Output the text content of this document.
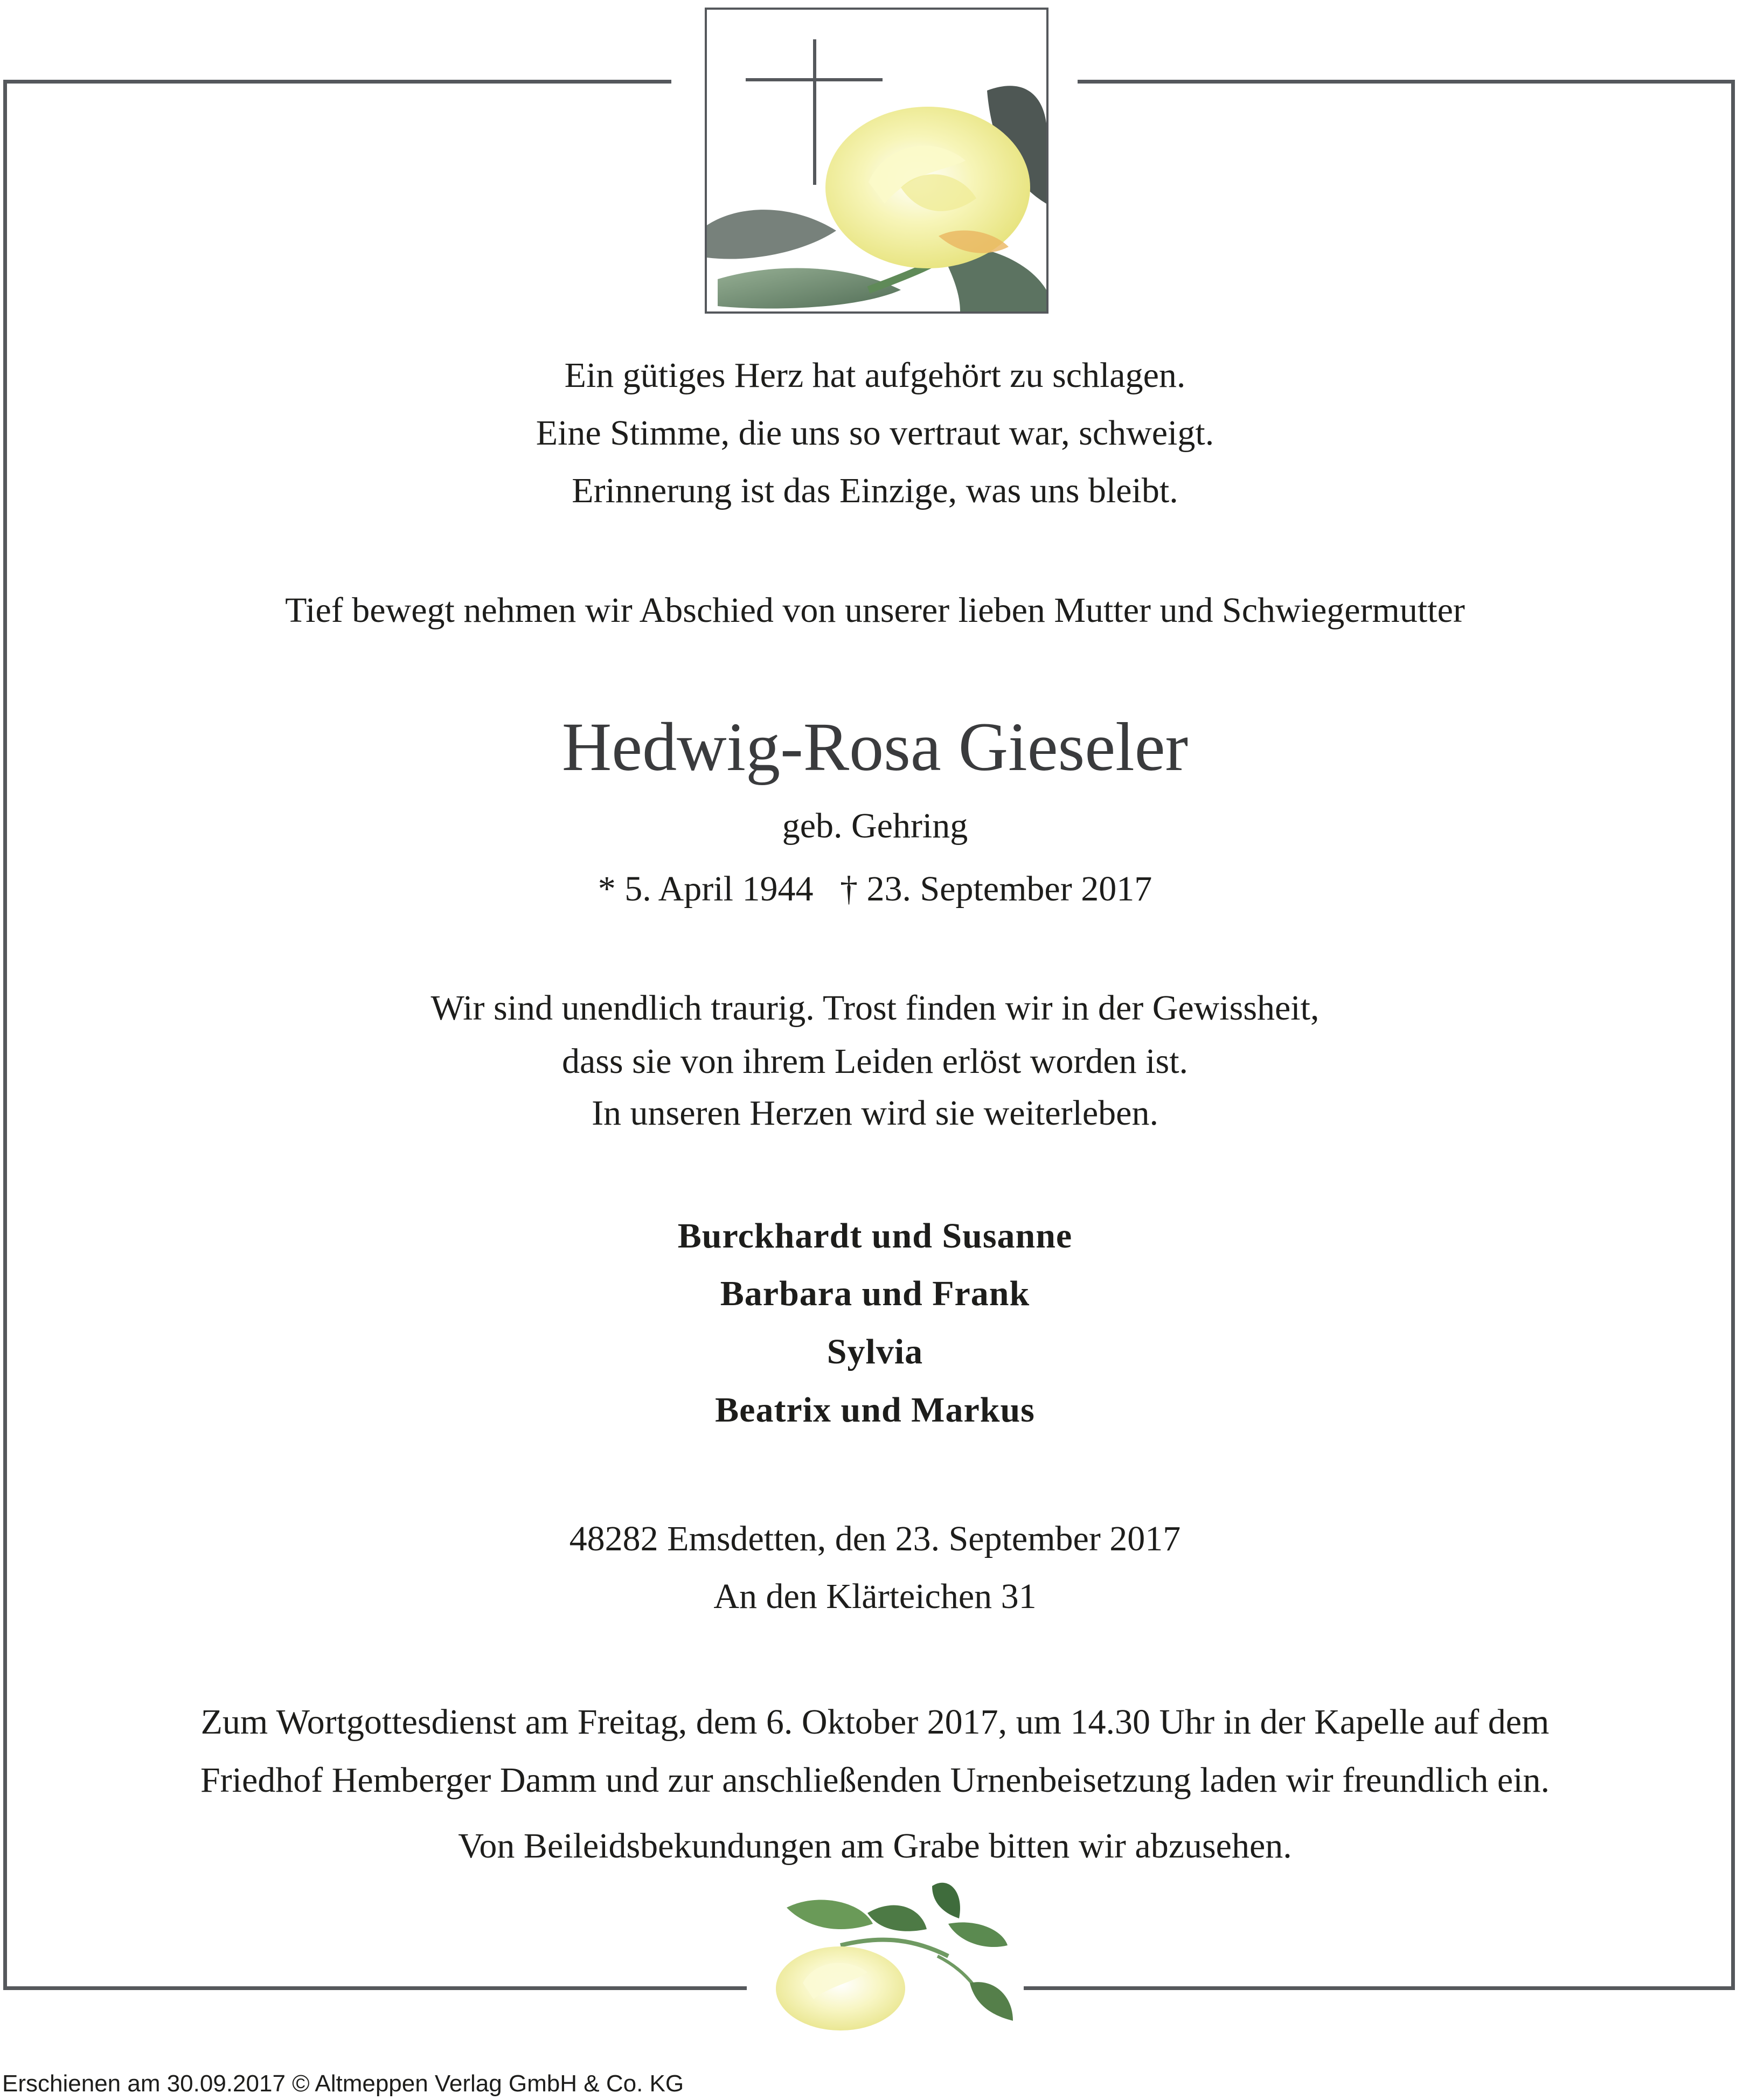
Ein gütiges Herz hat aufgehört zu schlagen.
Eine Stimme, die uns so vertraut war, schweigt.
Erinnerung ist das Einzige, was uns bleibt.
Tief bewegt nehmen wir Abschied von unserer lieben Mutter und Schwiegermutter
Hedwig-Rosa Gieseler
geb. Gehring
* 5. April 1944   † 23. September 2017
Wir sind unendlich traurig. Trost finden wir in der Gewissheit,
dass sie von ihrem Leiden erlöst worden ist.
In unseren Herzen wird sie weiterleben.
Burckhardt und Susanne
Barbara und Frank
Sylvia
Beatrix und Markus
48282 Emsdetten, den 23. September 2017
An den Klärteichen 31
Zum Wortgottesdienst am Freitag, dem 6. Oktober 2017, um 14.30 Uhr in der Kapelle auf dem
Friedhof Hemberger Damm und zur anschließenden Urnenbeisetzung laden wir freundlich ein.
Von Beileidsbekundungen am Grabe bitten wir abzusehen.
Erschienen am 30.09.2017 © Altmeppen Verlag GmbH & Co. KG
